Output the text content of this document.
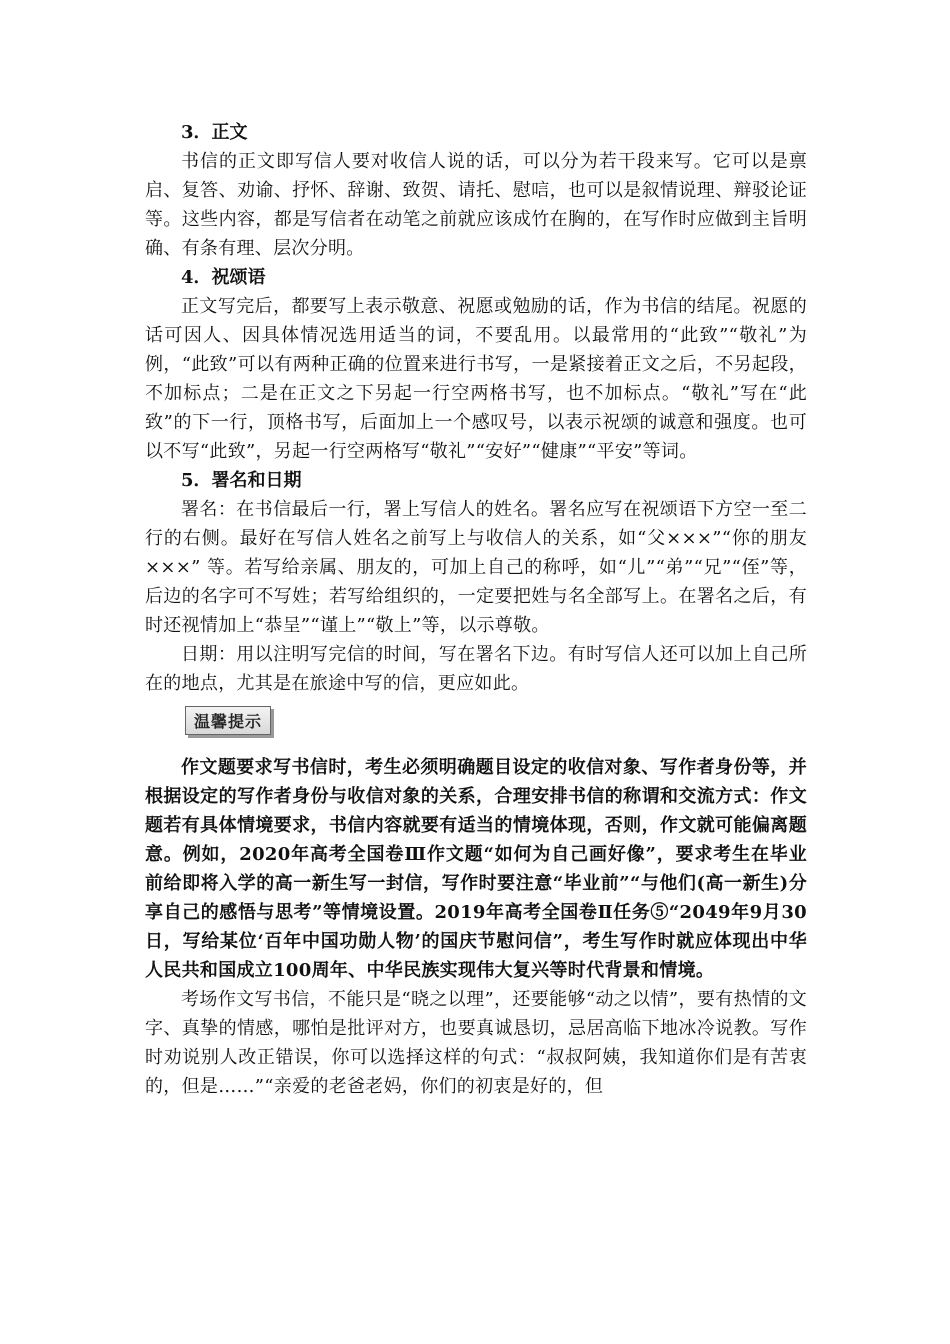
3．正文

书信的正文即写信人要对收信人说的话，可以分为若干段来写。它可以是禀启、复答、劝谕、抒怀、辞谢、致贺、请托、慰唁，也可以是叙情说理、辩驳论证等。这些内容，都是写信者在动笔之前就应该成竹在胸的，在写作时应做到主旨明确、有条有理、层次分明。

4．祝颂语

正文写完后，都要写上表示敬意、祝愿或勉励的话，作为书信的结尾。祝愿的话可因人、因具体情况选用适当的词，不要乱用。以最常用的“此致”“敬礼”为例，“此致”可以有两种正确的位置来进行书写，一是紧接着正文之后，不另起段，不加标点；二是在正文之下另起一行空两格书写，也不加标点。“敬礼”写在“此致”的下一行，顶格书写，后面加上一个感叹号，以表示祝颂的诚意和强度。也可以不写“此致”，另起一行空两格写“敬礼”“安好”“健康”“平安”等词。

5．署名和日期

署名：在书信最后一行，署上写信人的姓名。署名应写在祝颂语下方空一至二行的右侧。最好在写信人姓名之前写上与收信人的关系，如“父×××”“你的朋友×××” 等。若写给亲属、朋友的，可加上自己的称呼，如“儿”“弟”“兄”“侄”等，后边的名字可不写姓；若写给组织的，一定要把姓与名全部写上。在署名之后，有时还视情加上“恭呈”“谨上”“敬上”等，以示尊敬。

日期：用以注明写完信的时间，写在署名下边。有时写信人还可以加上自己所在的地点，尤其是在旅途中写的信，更应如此。

温馨提示

作文题要求写书信时，考生必须明确题目设定的收信对象、写作者身份等，并根据设定的写作者身份与收信对象的关系，合理安排书信的称谓和交流方式：作文题若有具体情境要求，书信内容就要有适当的情境体现，否则，作文就可能偏离题意。例如，2020年高考全国卷Ⅲ作文题“如何为自己画好像”，要求考生在毕业前给即将入学的高一新生写一封信，写作时要注意“毕业前”“与他们(高一新生)分享自己的感悟与思考”等情境设置。2019年高考全国卷Ⅱ任务⑤“2049年9月30日，写给某位‘百年中国功勋人物’的国庆节慰问信”，考生写作时就应体现出中华人民共和国成立100周年、中华民族实现伟大复兴等时代背景和情境。

考场作文写书信，不能只是“晓之以理”，还要能够“动之以情”，要有热情的文字、真挚的情感，哪怕是批评对方，也要真诚恳切，忌居高临下地冰冷说教。写作时劝说别人改正错误，你可以选择这样的句式：“叔叔阿姨，我知道你们是有苦衷的，但是……”“亲爱的老爸老妈，你们的初衷是好的，但
